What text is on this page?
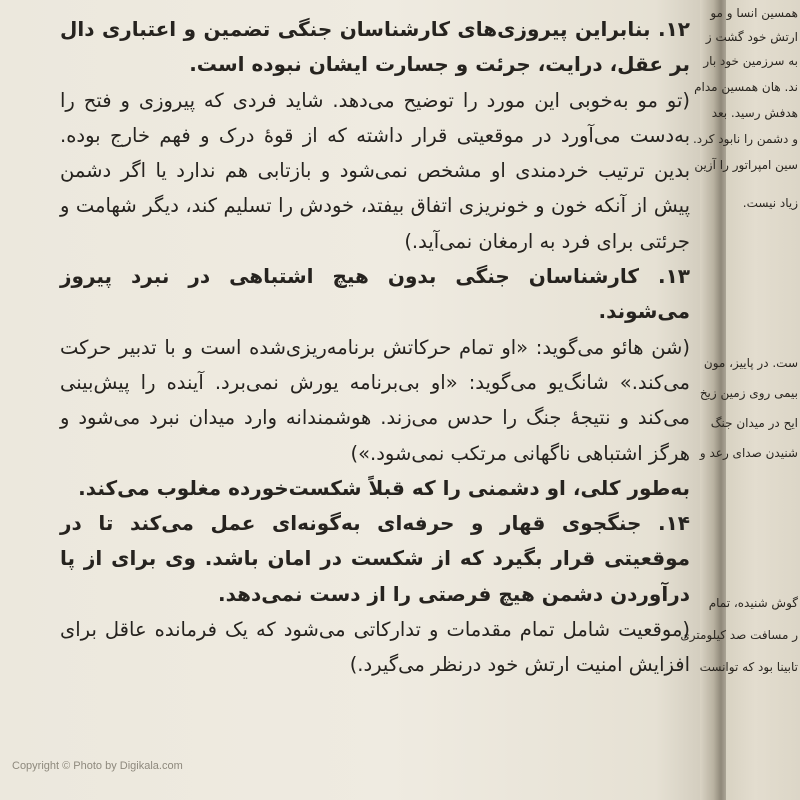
همسین انسا و مو
ارتش خود گشت ز
به سرزمین خود بار
ند. هان همسین مدام
هدفش رسید. بعد
و دشمن را نابود کرد.
سین امپراتور را آزین
زیاد نیست.
ست. در پاییز، مون
بیمی روی زمین زیخ
ایح در میدان جنگ
شنیدن صدای رعد و
گوش شنیده، تمام
ر مسافت صد کیلومتری
تابینا بود که توانست

۱۲. بنابراین پیروزی‌های کارشناسان جنگی تضمین و اعتباری دال بر عقل، درایت، جرئت و جسارت ایشان نبوده است.

(تو مو به‌خوبی این مورد را توضیح می‌دهد. شاید فردی که پیروزی و فتح را به‌دست می‌آورد در موقعیتی قرار داشته که از قوهٔ درک و فهم خارج بوده. بدین ترتیب خردمندی او مشخص نمی‌شود و بازتابی هم ندارد یا اگر دشمن پیش از آنکه خون و خونریزی اتفاق بیفتد، خودش را تسلیم کند، دیگر شهامت و جرئتی برای فرد به ارمغان نمی‌آید.)

۱۳. کارشناسان جنگی بدون هیچ اشتباهی در نبرد پیروز می‌شوند.

(شن هائو می‌گوید: «او تمام حرکاتش برنامه‌ریزی‌شده است و با تدبیر حرکت می‌کند.» شانگ‌یو می‌گوید: «او بی‌برنامه یورش نمی‌برد. آینده را پیش‌بینی می‌کند و نتیجهٔ جنگ را حدس می‌زند. هوشمندانه وارد میدان نبرد می‌شود و هرگز اشتباهی ناگهانی مرتکب نمی‌شود.»)

به‌طور کلی، او دشمنی را که قبلاً شکست‌خورده مغلوب می‌کند.

۱۴. جنگجوی قهار و حرفه‌ای به‌گونه‌ای عمل می‌کند تا در موقعیتی قرار بگیرد که از شکست در امان باشد. وی برای از پا درآوردن دشمن هیچ فرصتی را از دست نمی‌دهد.

(موقعیت شامل تمام مقدمات و تدارکاتی می‌شود که یک فرمانده عاقل برای افزایش امنیت ارتش خود درنظر می‌گیرد.)

Copyright © Photo by Digikala.com
